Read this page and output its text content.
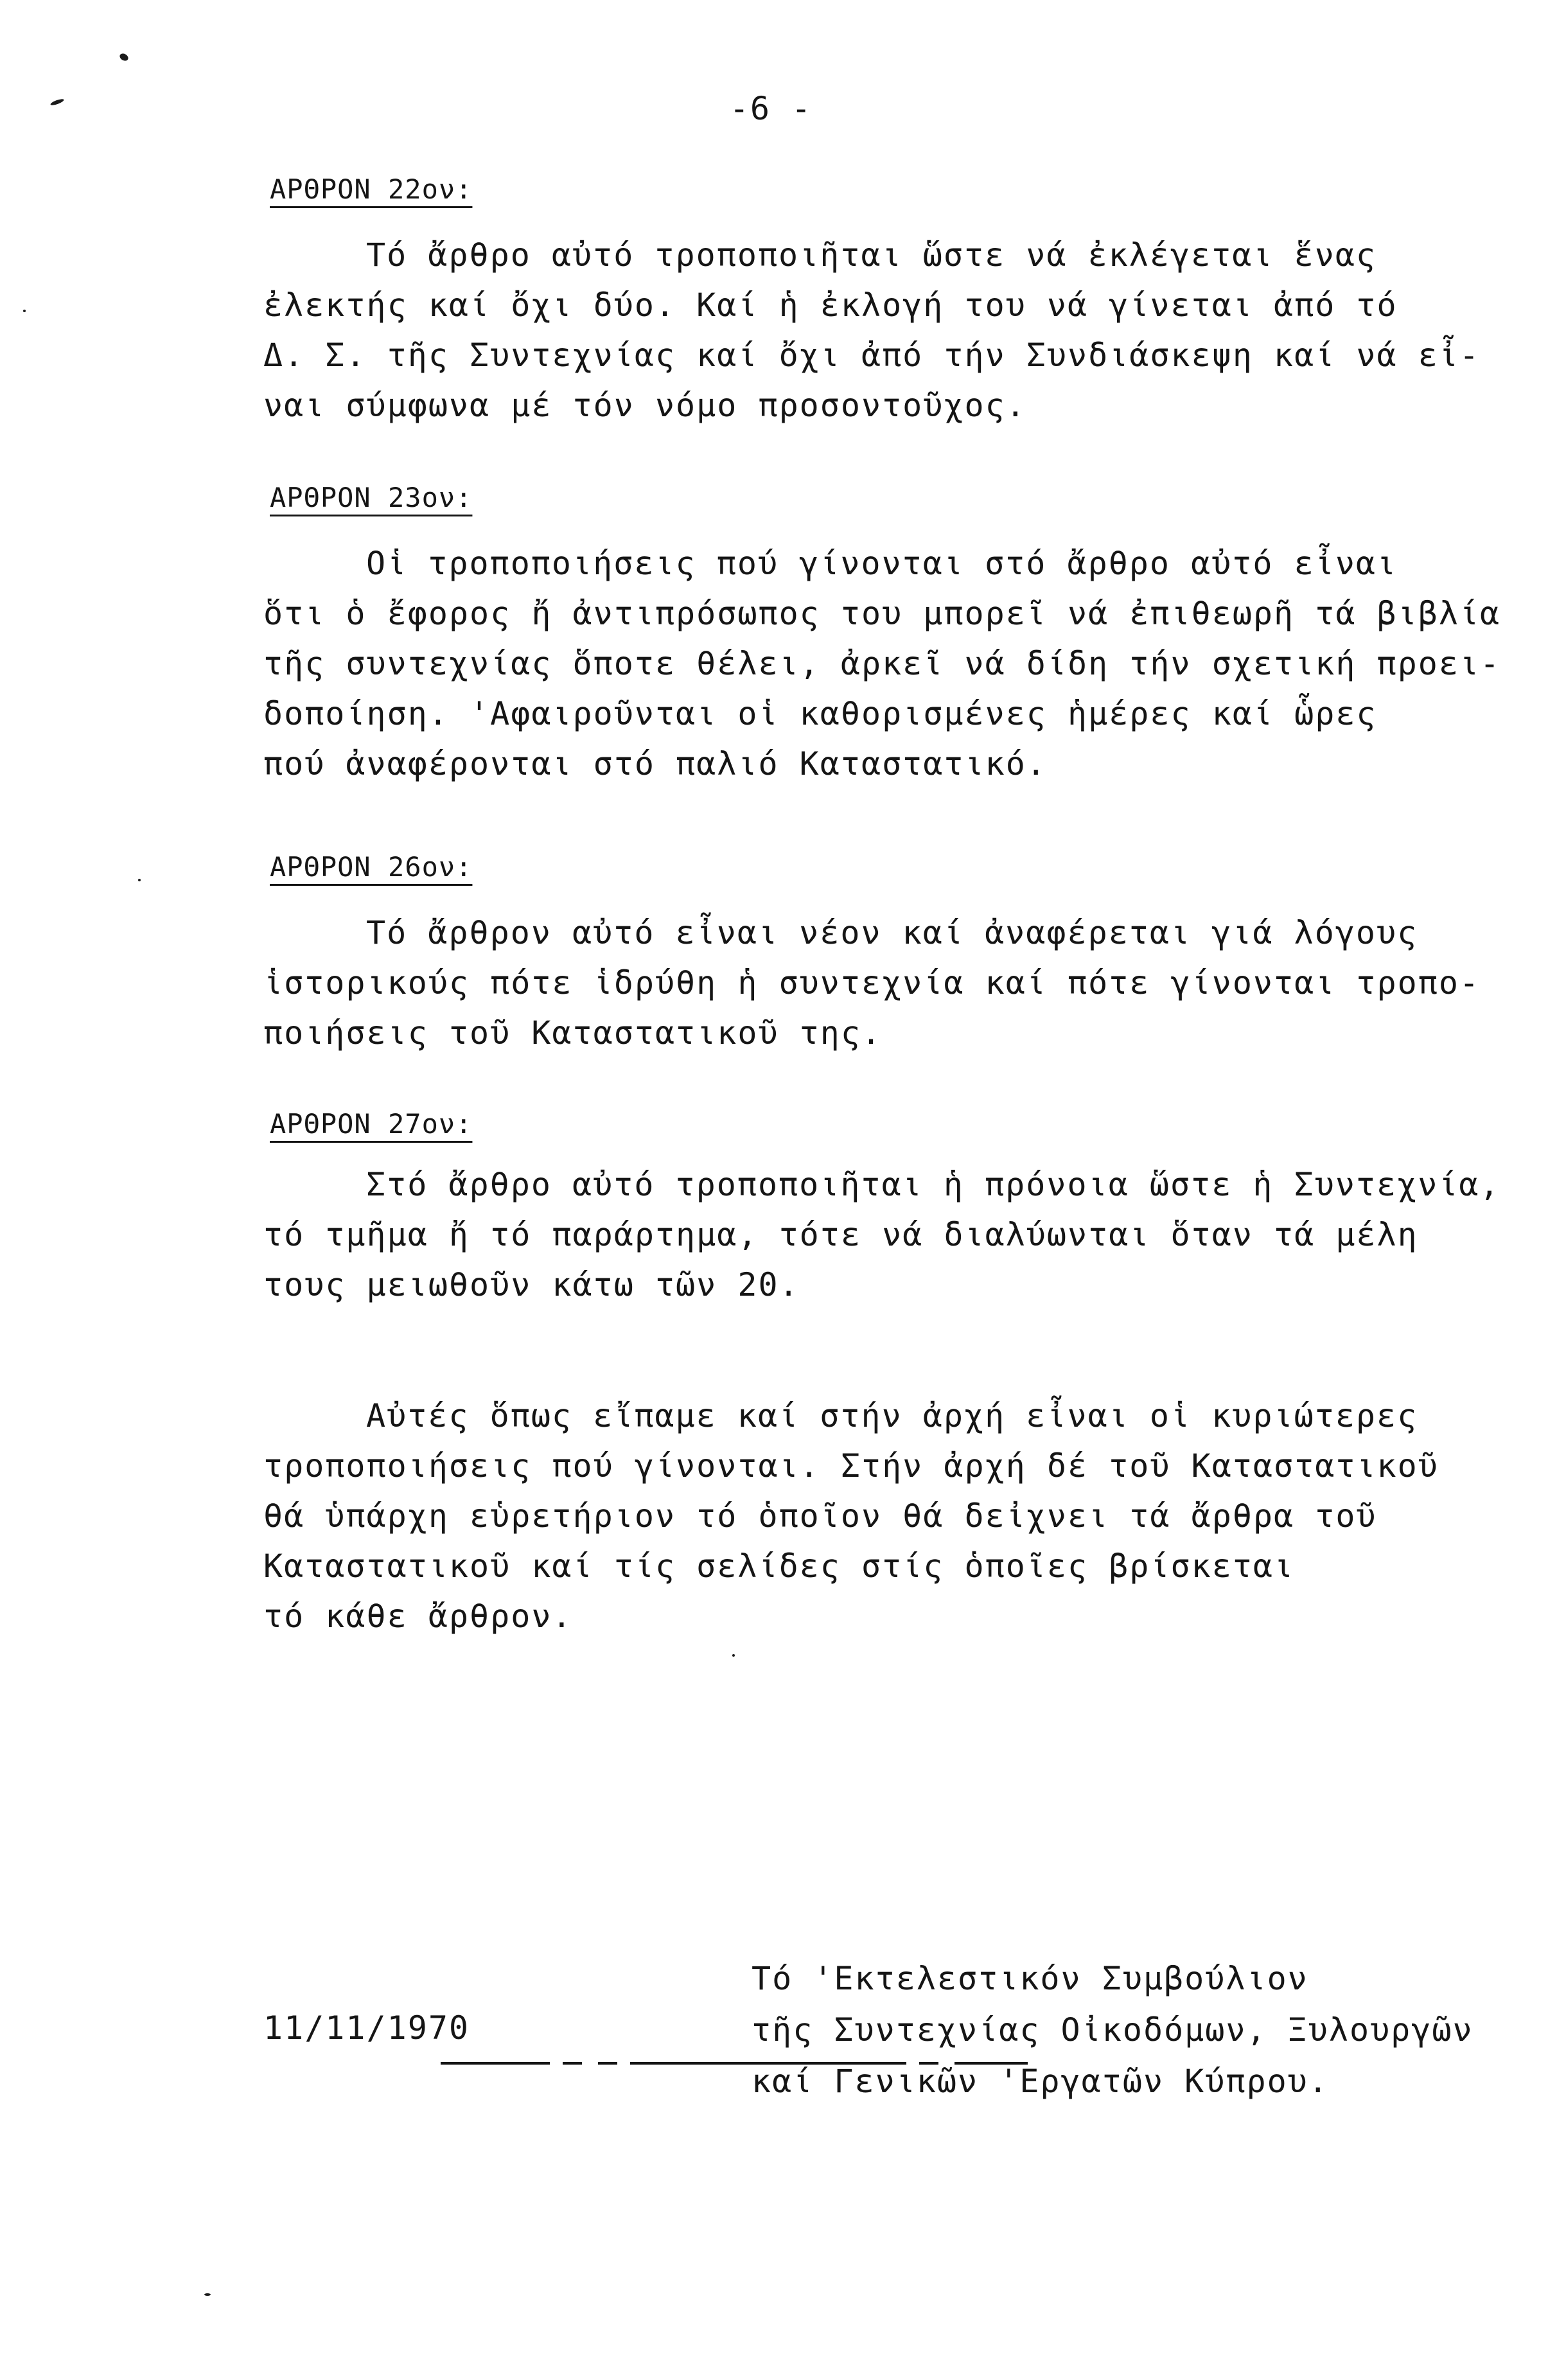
-6 -
ΑΡΘΡΟΝ 22ον:
Τό ἄρθρο αὐτό τροποποιῆται ὥστε νά ἐκλέγεται ἕνας
ἐλεκτής καί ὄχι δύο. Καί ἡ ἐκλογή του νά γίνεται ἀπό τό
Δ. Σ. τῆς Συντεχνίας καί ὄχι ἀπό τήν Συνδιάσκεψη καί νά εἶ-
ναι σύμφωνα μέ τόν νόμο προσοντοῦχος.
ΑΡΘΡΟΝ 23ον:
Οἱ τροποποιήσεις πού γίνονται στό ἄρθρο αὐτό εἶναι
ὅτι ὁ ἔφορος ἤ ἀντιπρόσωπος του μπορεῖ νά ἐπιθεωρῆ τά βιβλία
τῆς συντεχνίας ὅποτε θέλει, ἀρκεῖ νά δίδη τήν σχετική προει-
δοποίηση. 'Αφαιροῦνται οἱ καθορισμένες ἡμέρες καί ὧρες
πού ἀναφέρονται στό παλιό Καταστατικό.
ΑΡΘΡΟΝ 26ον:
Τό ἄρθρον αὐτό εἶναι νέον καί ἀναφέρεται γιά λόγους
ἱστορικούς πότε ἱδρύθη ἡ συντεχνία καί πότε γίνονται τροπο-
ποιήσεις τοῦ Καταστατικοῦ της.
ΑΡΘΡΟΝ 27ον:
Στό ἄρθρο αὐτό τροποποιῆται ἡ πρόνοια ὥστε ἡ Συντεχνία,
τό τμῆμα ἤ τό παράρτημα, τότε νά διαλύωνται ὅταν τά μέλη
τους μειωθοῦν κάτω τῶν 20.
Αὐτές ὅπως εἴπαμε καί στήν ἀρχή εἶναι οἱ κυριώτερες
τροποποιήσεις πού γίνονται. Στήν ἀρχή δέ τοῦ Καταστατικοῦ
θά ὑπάρχη εὑρετήριον τό ὁποῖον θά δεἰχνει τά ἄρθρα τοῦ
Καταστατικοῦ καί τίς σελίδες στίς ὁποῖες βρίσκεται
τό κάθε ἄρθρον.
Τό 'Εκτελεστικόν Συμβούλιον
τῆς Συντεχνίας Οἰκοδόμων, Ξυλουργῶν
καί Γενικῶν 'Εργατῶν Κύπρου.
11/11/1970
